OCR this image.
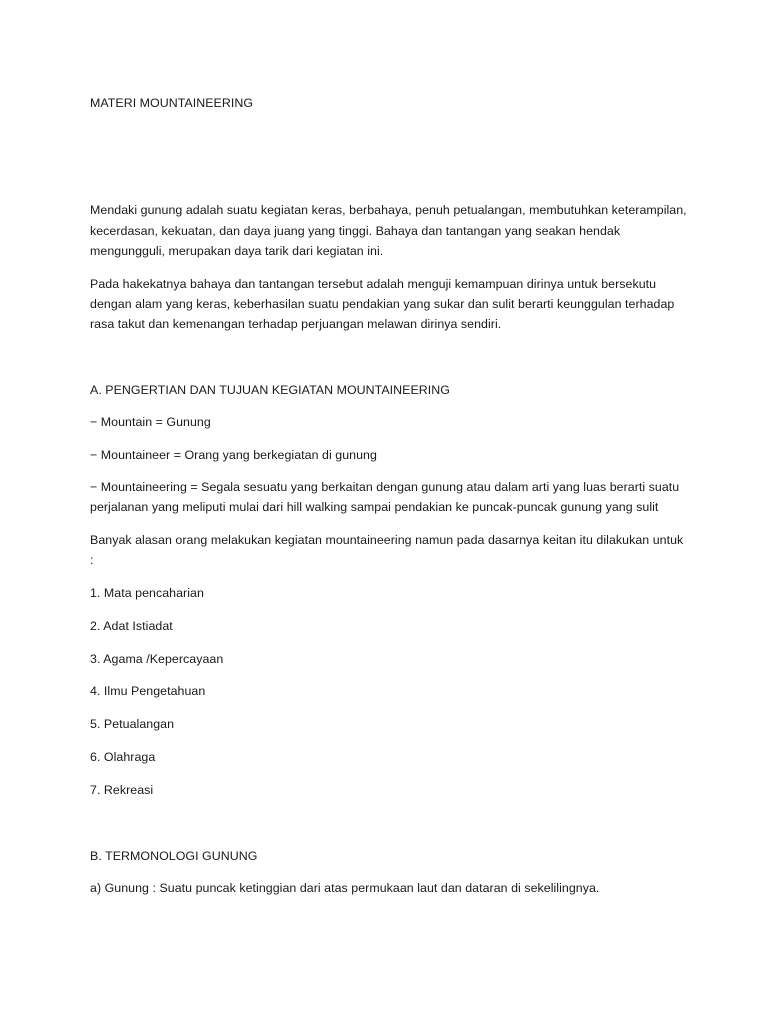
MATERI MOUNTAINEERING

Mendaki gunung adalah suatu kegiatan keras, berbahaya, penuh petualangan, membutuhkan keterampilan, kecerdasan, kekuatan, dan daya juang yang tinggi. Bahaya dan tantangan yang seakan hendak mengungguli, merupakan daya tarik dari kegiatan ini.

Pada hakekatnya bahaya dan tantangan tersebut adalah menguji kemampuan dirinya untuk bersekutu dengan alam yang keras, keberhasilan suatu pendakian yang sukar dan sulit berarti keunggulan terhadap rasa takut dan kemenangan terhadap perjuangan melawan dirinya sendiri.

A. PENGERTIAN DAN TUJUAN KEGIATAN MOUNTAINEERING

− Mountain = Gunung

− Mountaineer = Orang yang berkegiatan di gunung

− Mountaineering = Segala sesuatu yang berkaitan dengan gunung atau dalam arti yang luas berarti suatu perjalanan yang meliputi mulai dari hill walking sampai pendakian ke puncak-puncak gunung yang sulit

Banyak alasan orang melakukan kegiatan mountaineering namun pada dasarnya keitan itu dilakukan untuk :

1. Mata pencaharian

2. Adat Istiadat

3. Agama /Kepercayaan

4. Ilmu Pengetahuan

5. Petualangan

6. Olahraga

7. Rekreasi

B. TERMONOLOGI GUNUNG

a) Gunung : Suatu puncak ketinggian dari atas permukaan laut dan dataran di sekelilingnya.
